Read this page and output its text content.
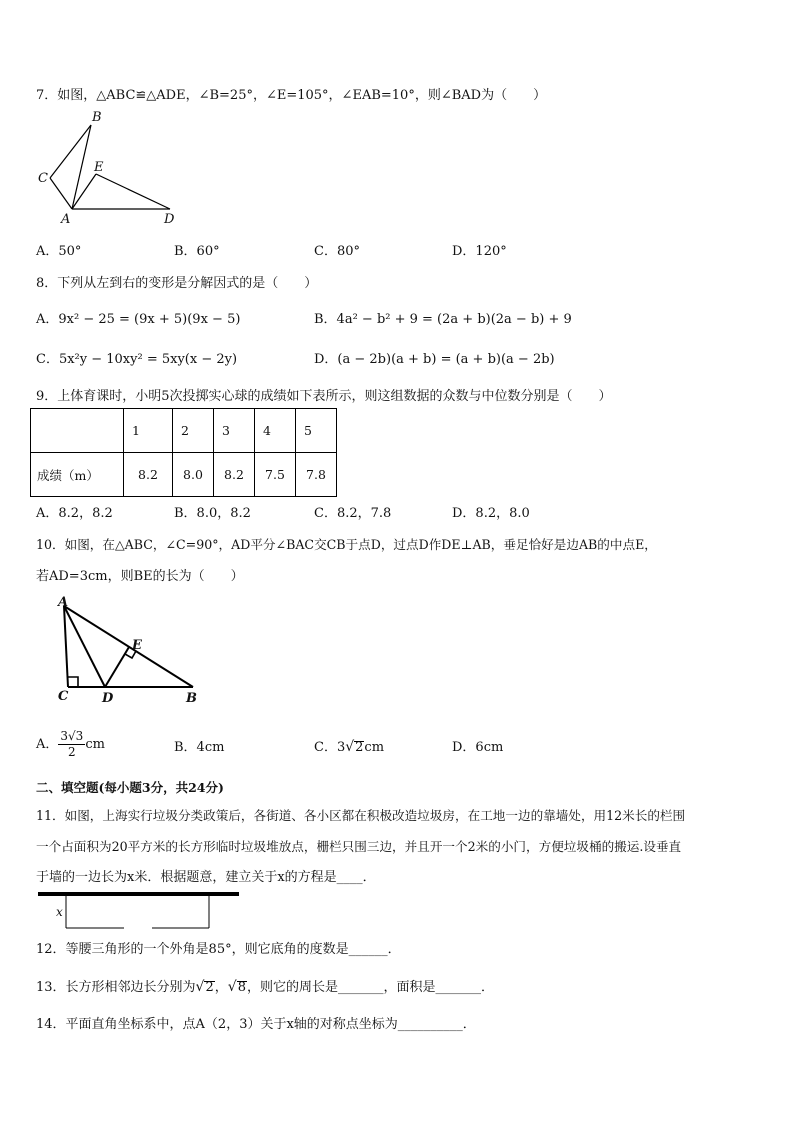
7．如图，△ABC≌△ADE，∠B=25°，∠E=105°，∠EAB=10°，则∠BAD为（　　）
B
C
E
A	D
A．50°	B．60°	C．80°	D．120°
8．下列从左到右的变形是分解因式的是（　　）
A．9x² − 25 = (9x + 5)(9x − 5)	B．4a² − b² + 9 = (2a + b)(2a − b) + 9
C．5x²y − 10xy² = 5xy(x − 2y)	D．(a − 2b)(a + b) = (a + b)(a − 2b)
9．上体育课时，小明5次投掷实心球的成绩如下表所示，则这组数据的众数与中位数分别是（　　）
	1	2	3	4	5
成绩（m）	8.2	8.0	8.2	7.5	7.8
A．8.2，8.2	B．8.0，8.2	C．8.2，7.8	D．8.2，8.0
10．如图，在△ABC，∠C=90°，AD平分∠BAC交CB于点D，过点D作DE⊥AB，垂足恰好是边AB的中点E，
若AD=3cm，则BE的长为（　　）
A
E
C	D	B
A． $\frac{3√3}{2}$ cm	B．4cm	C．3√2cm	D．6cm
二、填空题(每小题3分，共24分)
11．如图，上海实行垃圾分类政策后，各街道、各小区都在积极改造垃圾房，在工地一边的靠墙处，用12米长的栏围
一个占面积为20平方米的长方形临时垃圾堆放点，栅栏只围三边，并且开一个2米的小门，方便垃圾桶的搬运.设垂直
于墙的一边长为x米．根据题意，建立关于x的方程是____．
x
12．等腰三角形的一个外角是85°，则它底角的度数是______．
13．长方形相邻边长分别为√2，√8，则它的周长是_______，面积是_______．
14．平面直角坐标系中，点A（2，3）关于x轴的对称点坐标为__________．
